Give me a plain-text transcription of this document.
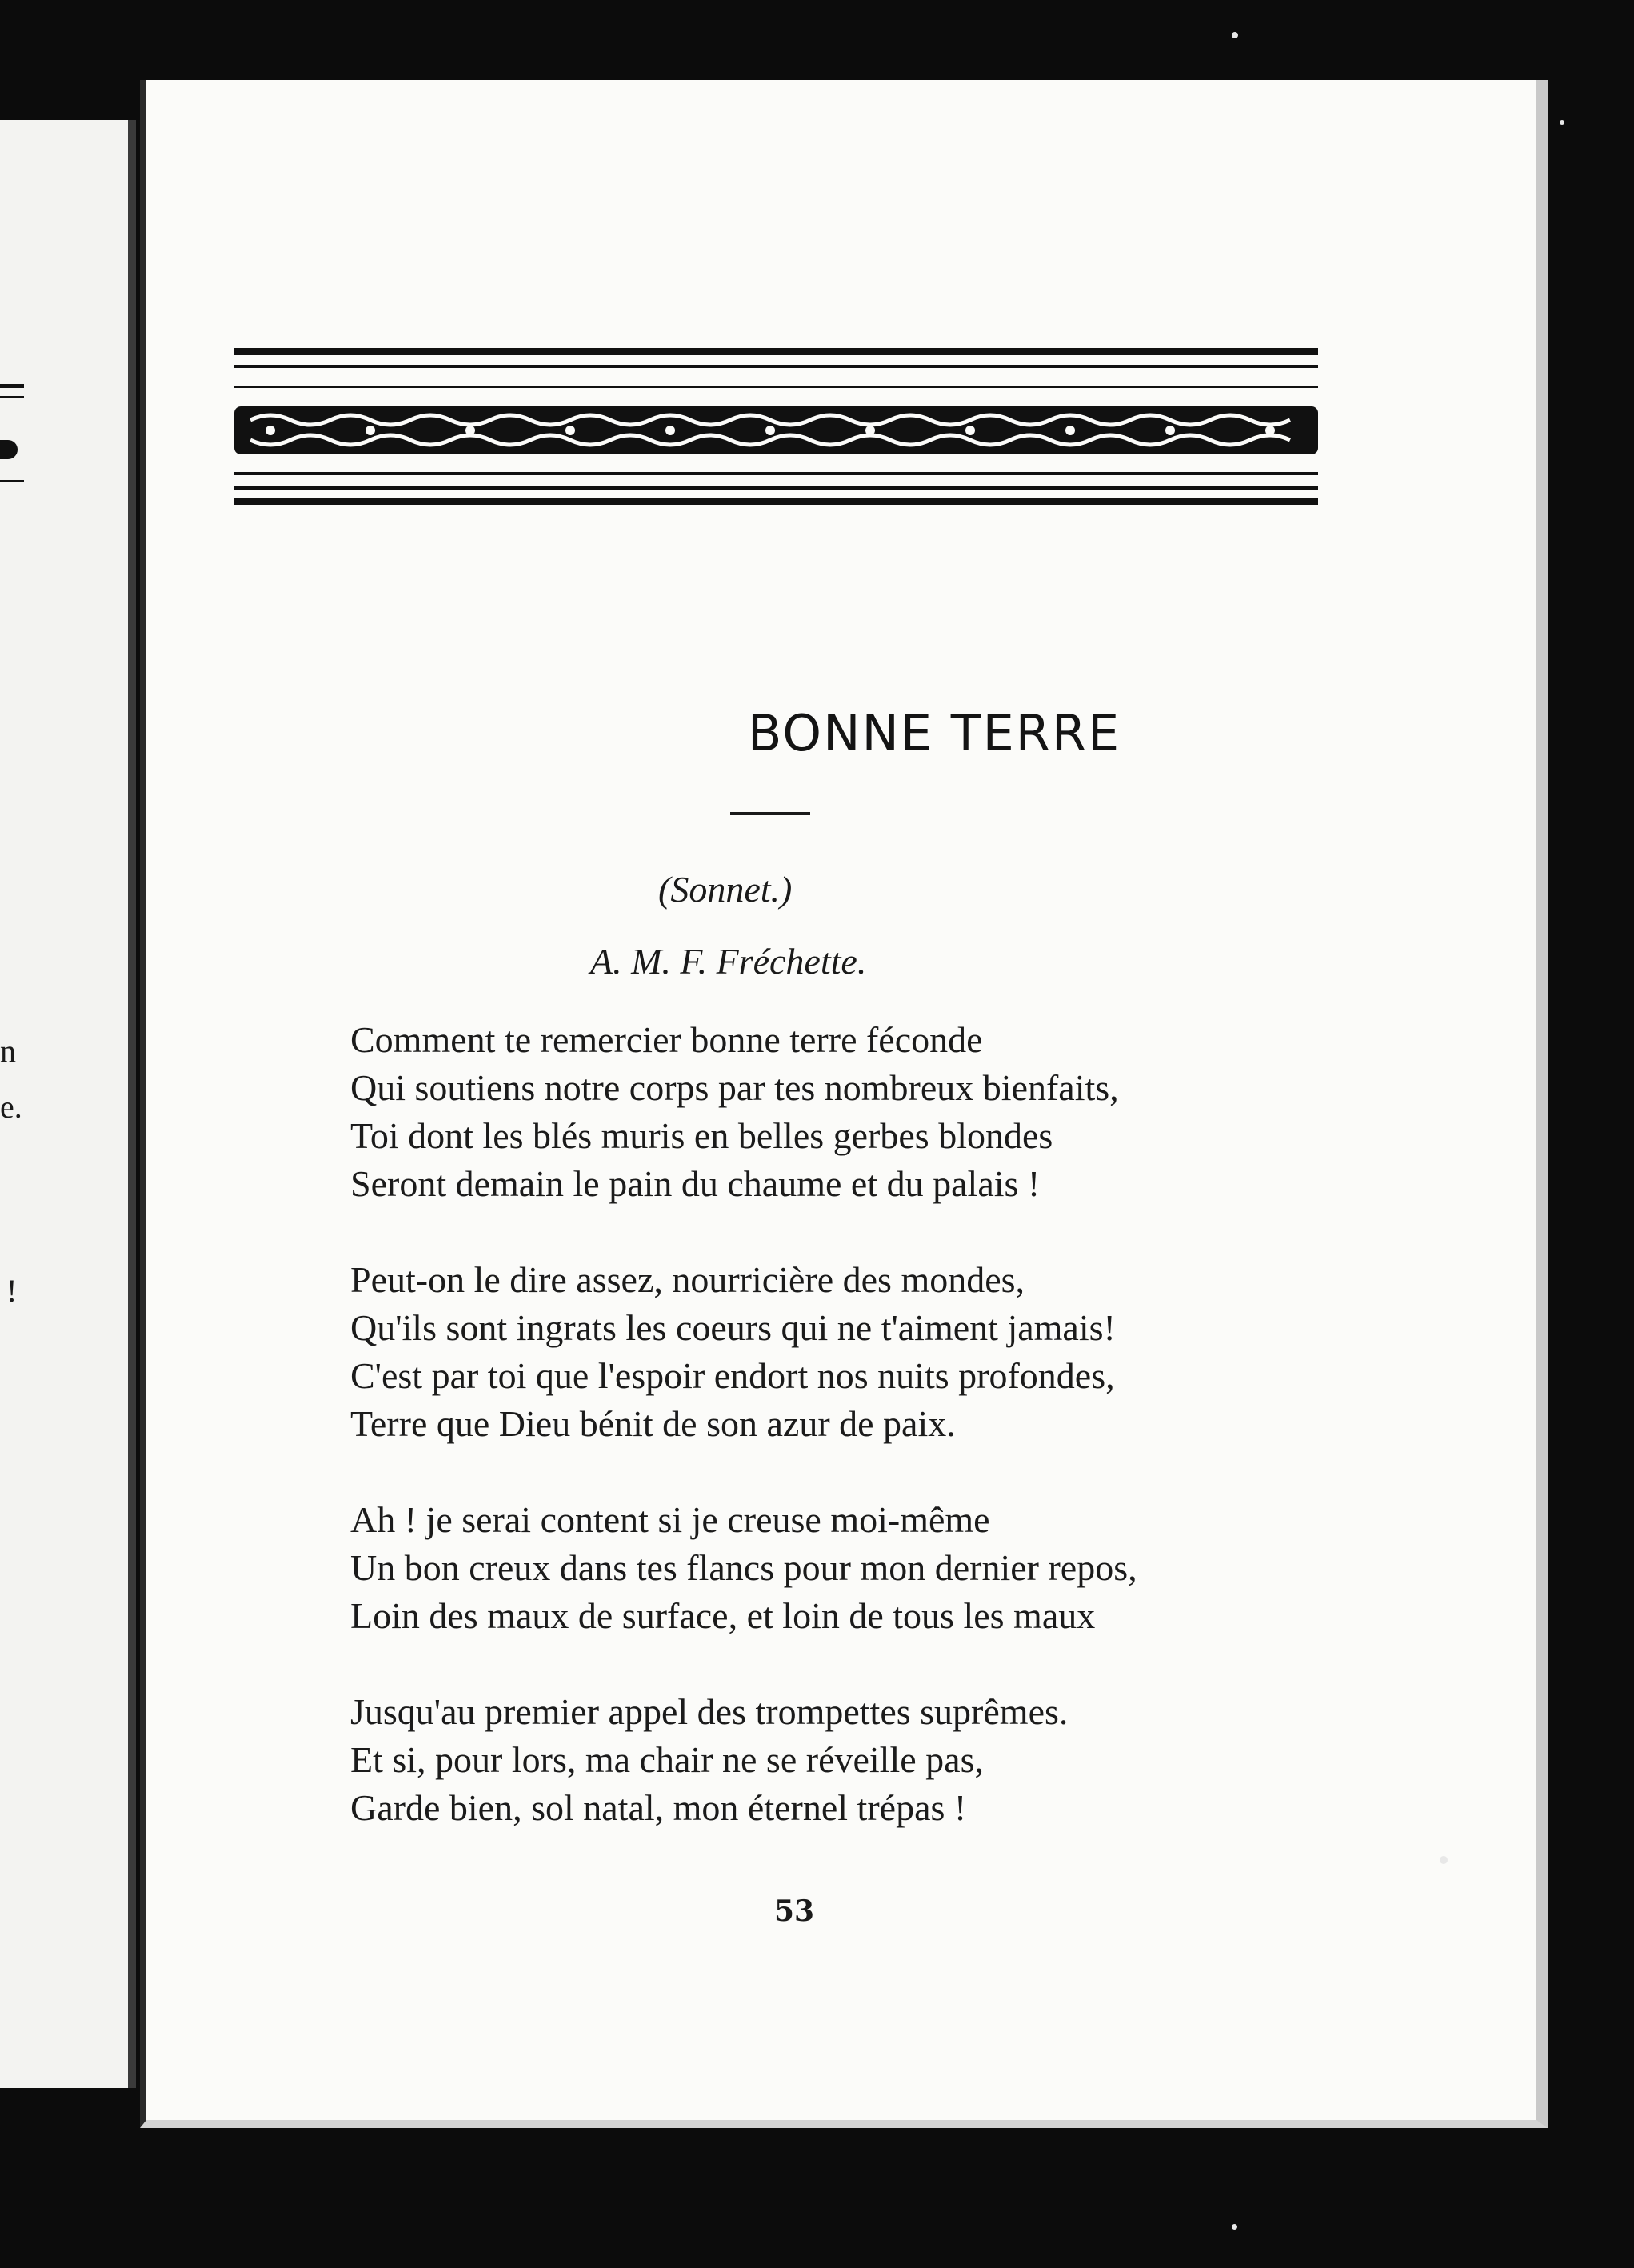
n
e.
!
BONNE TERRE
(Sonnet.)
A. M. F. Fréchette.
Comment te remercier bonne terre féconde
Qui soutiens notre corps par tes nombreux bienfaits,
Toi dont les blés muris en belles gerbes blondes
Seront demain le pain du chaume et du palais !
Peut-on le dire assez, nourricière des mondes,
Qu'ils sont ingrats les coeurs qui ne t'aiment jamais!
C'est par toi que l'espoir endort nos nuits profondes,
Terre que Dieu bénit de son azur de paix.
Ah ! je serai content si je creuse moi-même
Un bon creux dans tes flancs pour mon dernier repos,
Loin des maux de surface, et loin de tous les maux
Jusqu'au premier appel des trompettes suprêmes.
Et si, pour lors, ma chair ne se réveille pas,
Garde bien, sol natal, mon éternel trépas !
53
